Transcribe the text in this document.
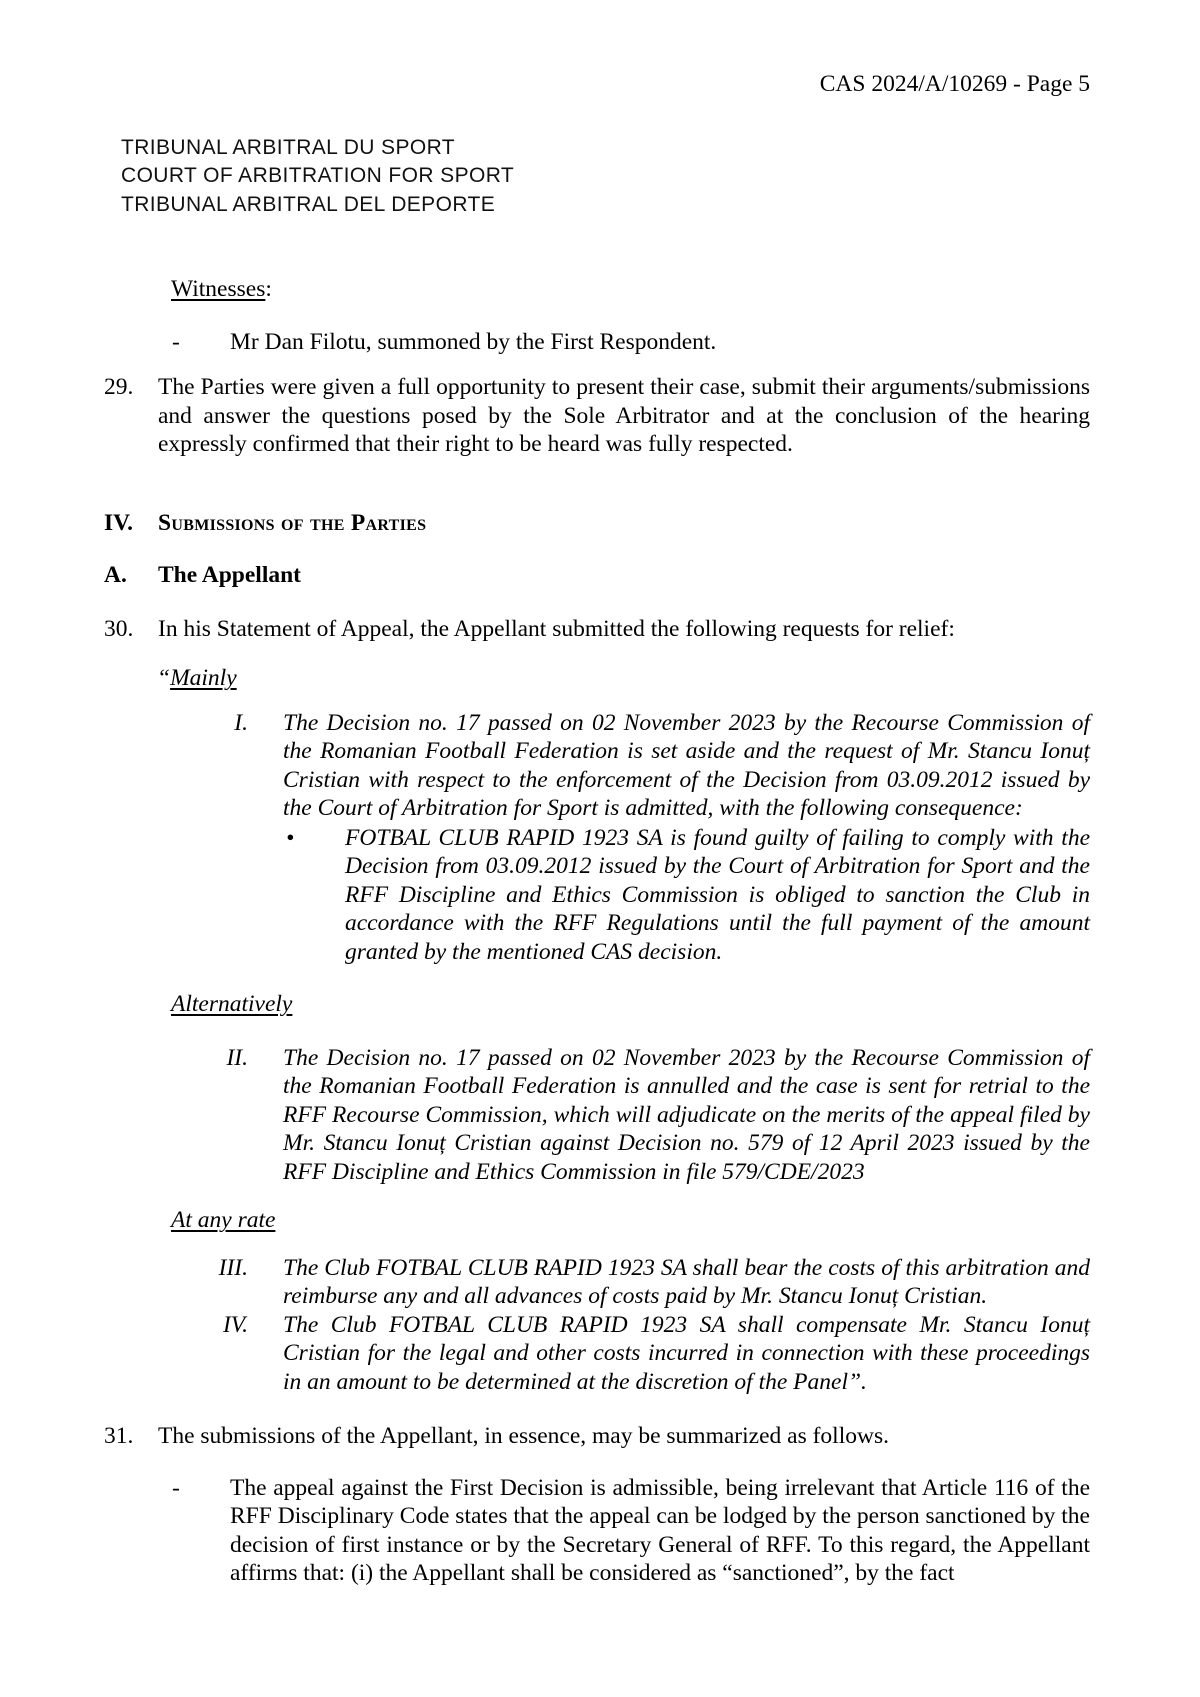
CAS 2024/A/10269 - Page 5
TRIBUNAL ARBITRAL DU SPORT
COURT OF ARBITRATION FOR SPORT
TRIBUNAL ARBITRAL DEL DEPORTE
Witnesses:
-	Mr Dan Filotu, summoned by the First Respondent.
29.	The Parties were given a full opportunity to present their case, submit their arguments/submissions and answer the questions posed by the Sole Arbitrator and at the conclusion of the hearing expressly confirmed that their right to be heard was fully respected.
IV.	Submissions of the Parties
A.	The Appellant
30.	In his Statement of Appeal, the Appellant submitted the following requests for relief:
“Mainly
I.	The Decision no. 17 passed on 02 November 2023 by the Recourse Commission of the Romanian Football Federation is set aside and the request of Mr. Stancu Ionuț Cristian with respect to the enforcement of the Decision from 03.09.2012 issued by the Court of Arbitration for Sport is admitted, with the following consequence:
•	FOTBAL CLUB RAPID 1923 SA is found guilty of failing to comply with the Decision from 03.09.2012 issued by the Court of Arbitration for Sport and the RFF Discipline and Ethics Commission is obliged to sanction the Club in accordance with the RFF Regulations until the full payment of the amount granted by the mentioned CAS decision.
Alternatively
II.	The Decision no. 17 passed on 02 November 2023 by the Recourse Commission of the Romanian Football Federation is annulled and the case is sent for retrial to the RFF Recourse Commission, which will adjudicate on the merits of the appeal filed by Mr. Stancu Ionuț Cristian against Decision no. 579 of 12 April 2023 issued by the RFF Discipline and Ethics Commission in file 579/CDE/2023
At any rate
III.	The Club FOTBAL CLUB RAPID 1923 SA shall bear the costs of this arbitration and reimburse any and all advances of costs paid by Mr. Stancu Ionuț Cristian.
IV.	The Club FOTBAL CLUB RAPID 1923 SA shall compensate Mr. Stancu Ionuț Cristian for the legal and other costs incurred in connection with these proceedings in an amount to be determined at the discretion of the Panel”.
31.	The submissions of the Appellant, in essence, may be summarized as follows.
-	The appeal against the First Decision is admissible, being irrelevant that Article 116 of the RFF Disciplinary Code states that the appeal can be lodged by the person sanctioned by the decision of first instance or by the Secretary General of RFF. To this regard, the Appellant affirms that: (i) the Appellant shall be considered as “sanctioned”, by the fact
